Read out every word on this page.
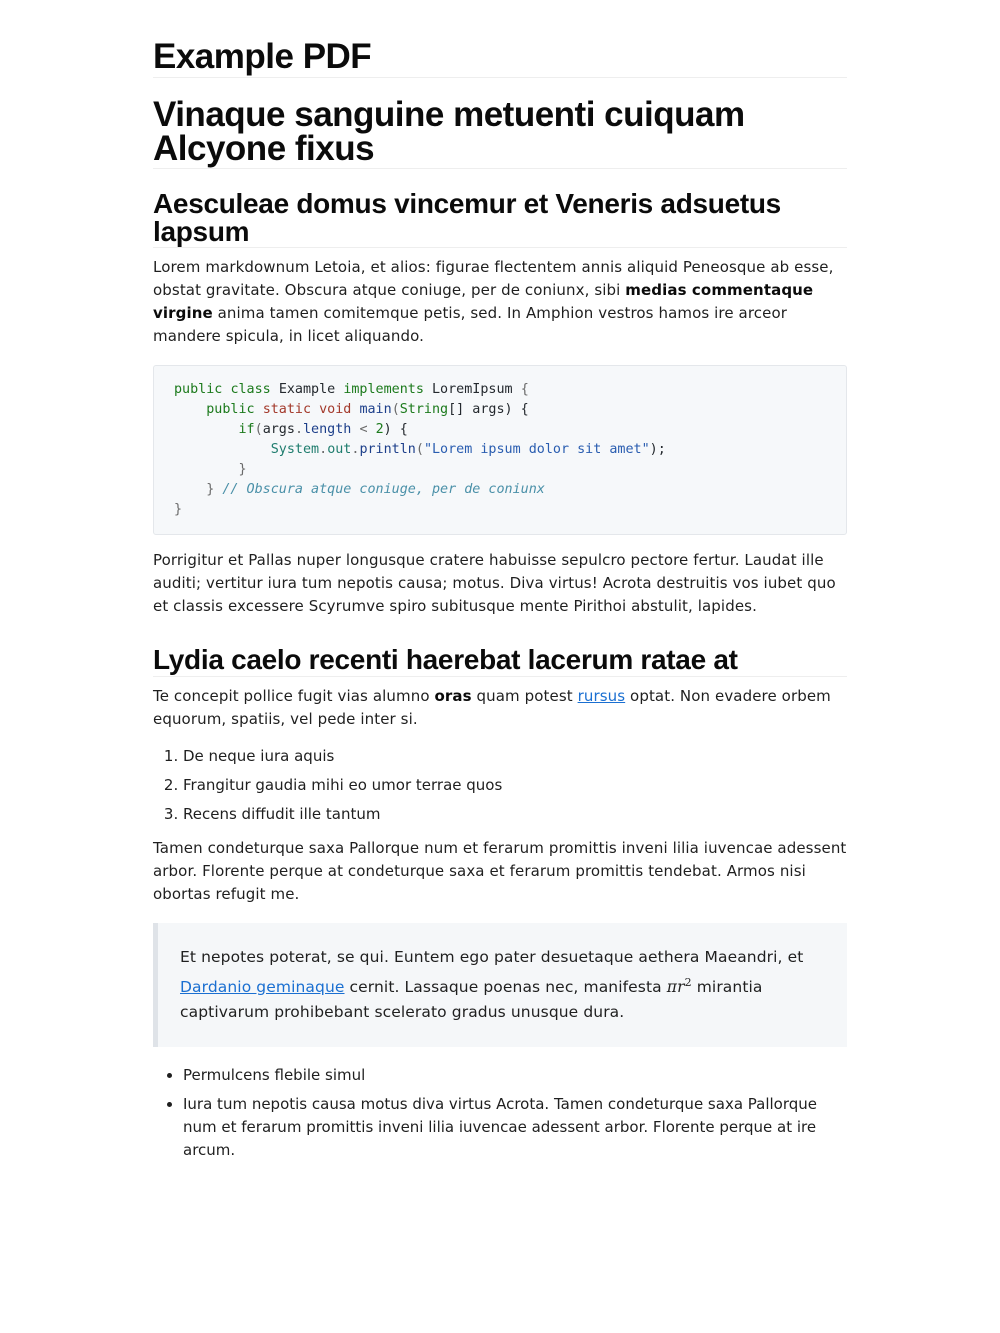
Example PDF
Vinaque sanguine metuenti cuiquam Alcyone fixus
Aesculeae domus vincemur et Veneris adsuetus lapsum

Lorem markdownum Letoia, et alios: figurae flectentem annis aliquid Peneosque ab esse, obstat gravitate. Obscura atque coniuge, per de coniunx, sibi medias commentaque virgine anima tamen comitemque petis, sed. In Amphion vestros hamos ire arceor mandere spicula, in licet aliquando.

public class Example implements LoremIpsum {
public static void main(String[] args) {
if(args.length < 2) {
System.out.println("Lorem ipsum dolor sit amet");
}
} // Obscura atque coniuge, per de coniunx
}

Porrigitur et Pallas nuper longusque cratere habuisse sepulcro pectore fertur. Laudat ille auditi; vertitur iura tum nepotis causa; motus. Diva virtus! Acrota destruitis vos iubet quo et classis excessere Scyrumve spiro subitusque mente Pirithoi abstulit, lapides.

Lydia caelo recenti haerebat lacerum ratae at

Te concepit pollice fugit vias alumno oras quam potest rursus optat. Non evadere orbem equorum, spatiis, vel pede inter si.

1. De neque iura aquis
2. Frangitur gaudia mihi eo umor terrae quos
3. Recens diffudit ille tantum

Tamen condeturque saxa Pallorque num et ferarum promittis inveni lilia iuvencae adessent arbor. Florente perque at condeturque saxa et ferarum promittis tendebat. Armos nisi obortas refugit me.

Et nepotes poterat, se qui. Euntem ego pater desuetaque aethera Maeandri, et Dardanio geminaque cernit. Lassaque poenas nec, manifesta $\pi r^2$ mirantia captivarum prohibebant scelerato gradus unusque dura.

• Permulcens flebile simul
• Iura tum nepotis causa motus diva virtus Acrota. Tamen condeturque saxa Pallorque num et ferarum promittis inveni lilia iuvencae adessent arbor. Florente perque at ire arcum.
